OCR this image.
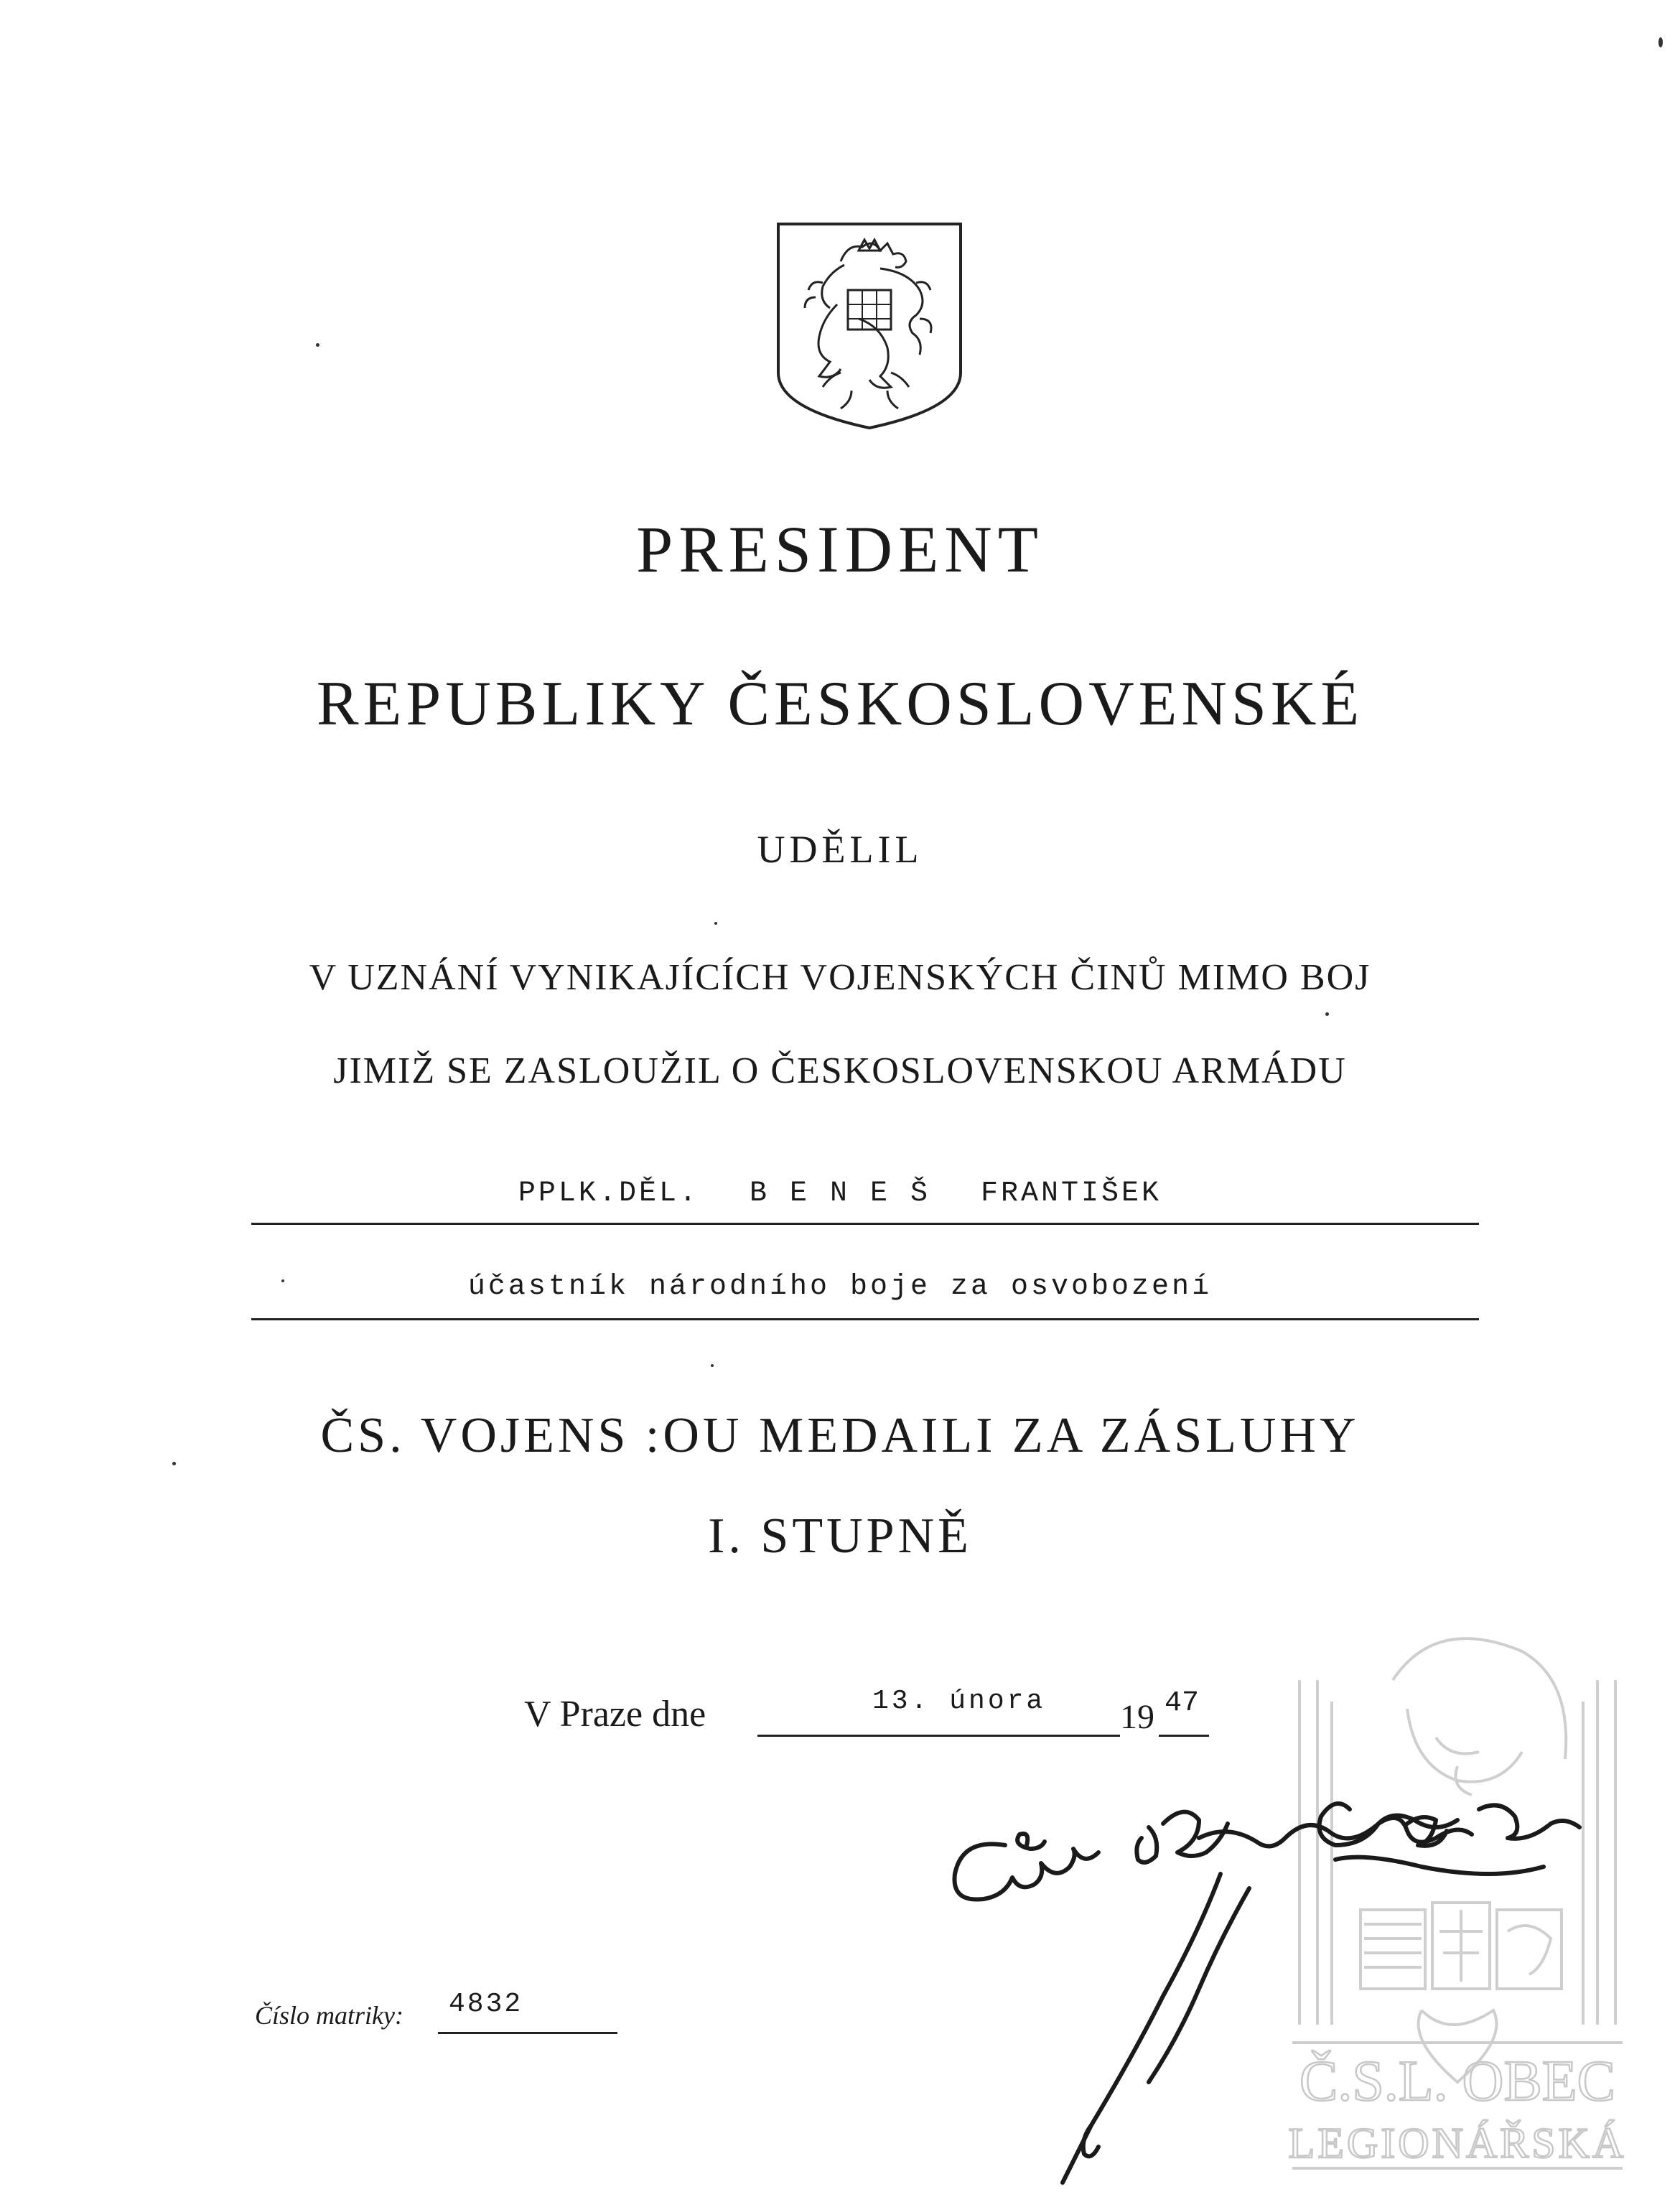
PRESIDENT
REPUBLIKY ČESKOSLOVENSKÉ
UDĚLIL
V UZNÁNÍ VYNIKAJÍCÍCH VOJENSKÝCH ČINŮ MIMO BOJ
JIMIŽ SE ZASLOUŽIL O ČESKOSLOVENSKOU ARMÁDU
PPLK.DĚL. B E N E Š FRANTIŠEK
účastník národního boje za osvobození
ČS. VOJENS :OU MEDAILI ZA ZÁSLUHY
I. STUPNĚ
V Praze dne	13. února 19 47
Č.S.L. OBEC
LEGIONÁŘSKÁ
Číslo matriky: 4832
